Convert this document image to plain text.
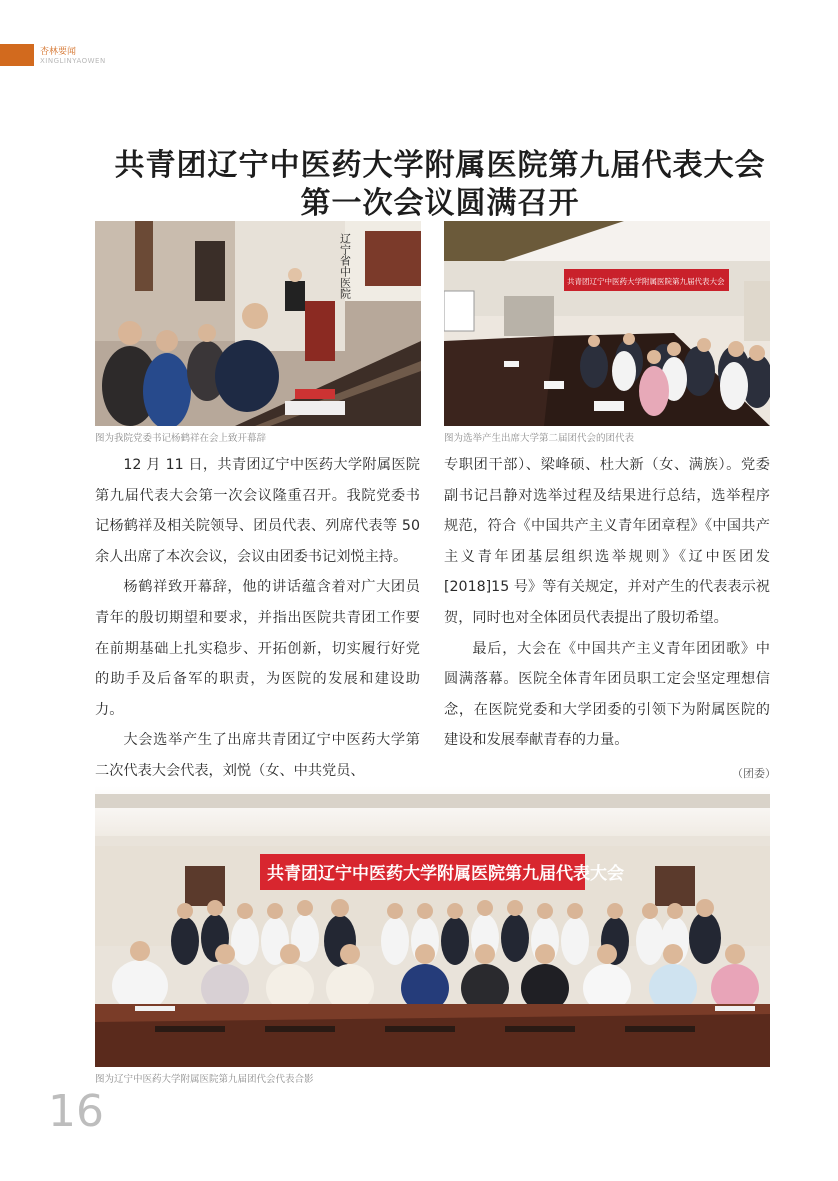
杏林要闻
XINGLINYAOWEN
共青团辽宁中医药大学附属医院第九届代表大会
第一次会议圆满召开
辽宁省中医院
图为我院党委书记杨鹤祥在会上致开幕辞
共青团辽宁中医药大学附属医院第九届代表大会
图为选举产生出席大学第二届团代会的团代表

12 月 11 日，共青团辽宁中医药大学附属医院第九届代表大会第一次会议隆重召开。我院党委书记杨鹤祥及相关院领导、团员代表、列席代表等 50 余人出席了本次会议，会议由团委书记刘悦主持。

杨鹤祥致开幕辞，他的讲话蕴含着对广大团员青年的殷切期望和要求，并指出医院共青团工作要在前期基础上扎实稳步、开拓创新，切实履行好党的助手及后备军的职责，为医院的发展和建设助力。

大会选举产生了出席共青团辽宁中医药大学第二次代表大会代表，刘悦（女、中共党员、

专职团干部）、梁峰硕、杜大新（女、满族）。党委副书记吕静对选举过程及结果进行总结，选举程序规范，符合《中国共产主义青年团章程》《中国共产主义青年团基层组织选举规则》《辽中医团发 [2018]15 号》等有关规定，并对产生的代表表示祝贺，同时也对全体团员代表提出了殷切希望。

最后，大会在《中国共产主义青年团团歌》中圆满落幕。医院全体青年团员职工定会坚定理想信念，在医院党委和大学团委的引领下为附属医院的建设和发展奉献青春的力量。

（团委）
共青团辽宁中医药大学附属医院第九届代表大会
图为辽宁中医药大学附属医院第九届团代会代表合影
16
